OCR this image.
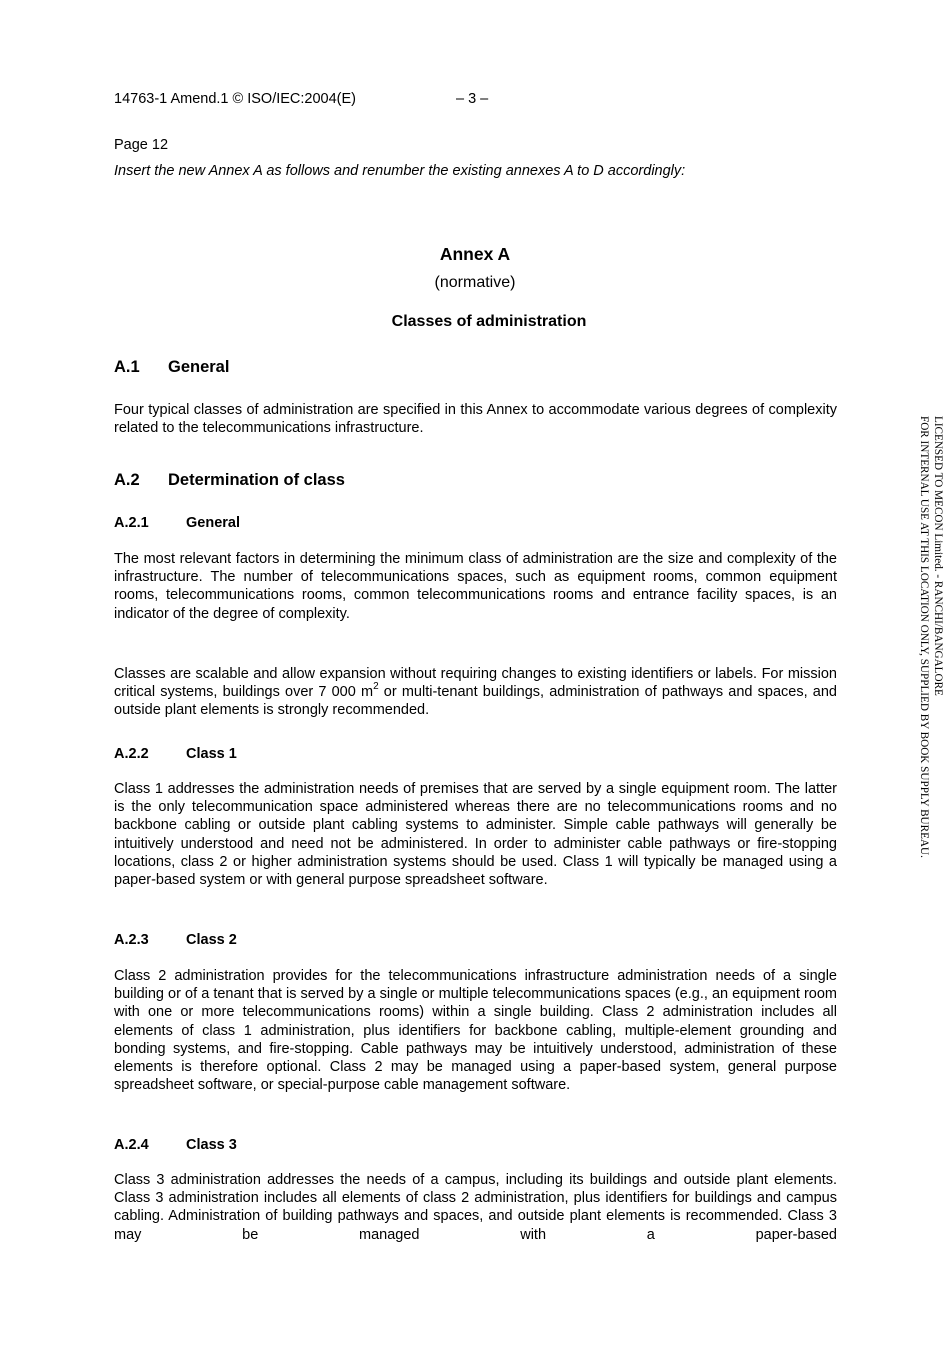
14763-1 Amend.1 © ISO/IEC:2004(E)	– 3 –
Page 12
Insert the new Annex A as follows and renumber the existing annexes A to D accordingly:
Annex A
(normative)
Classes of administration
A.1 General
Four typical classes of administration are specified in this Annex to accommodate various degrees of complexity related to the telecommunications infrastructure.
A.2 Determination of class
A.2.1	General
The most relevant factors in determining the minimum class of administration are the size and complexity of the infrastructure. The number of telecommunications spaces, such as equipment rooms, common equipment rooms, telecommunications rooms, common telecommunications rooms and entrance facility spaces, is an indicator of the degree of complexity.
Classes are scalable and allow expansion without requiring changes to existing identifiers or labels. For mission critical systems, buildings over 7 000 $m^2$ or multi-tenant buildings, administration of pathways and spaces, and outside plant elements is strongly recommended.
A.2.2	Class 1
Class 1 addresses the administration needs of premises that are served by a single equipment room. The latter is the only telecommunication space administered whereas there are no telecommunications rooms and no backbone cabling or outside plant cabling systems to administer. Simple cable pathways will generally be intuitively understood and need not be administered. In order to administer cable pathways or fire-stopping locations, class 2 or higher administration systems should be used. Class 1 will typically be managed using a paper-based system or with general purpose spreadsheet software.
A.2.3	Class 2
Class 2 administration provides for the telecommunications infrastructure administration needs of a single building or of a tenant that is served by a single or multiple telecommunications spaces (e.g., an equipment room with one or more telecommunications rooms) within a single building. Class 2 administration includes all elements of class 1 administration, plus identifiers for backbone cabling, multiple-element grounding and bonding systems, and fire-stopping. Cable pathways may be intuitively understood, administration of these elements is therefore optional. Class 2 may be managed using a paper-based system, general purpose spreadsheet software, or special-purpose cable management software.
A.2.4	Class 3
Class 3 administration addresses the needs of a campus, including its buildings and outside plant elements. Class 3 administration includes all elements of class 2 administration, plus identifiers for buildings and campus cabling. Administration of building pathways and spaces, and outside plant elements is recommended. Class 3 may be managed with a paper-based
LICENSED TO MECON Limited. - RANCHI/BANGALORE
FOR INTERNAL USE AT THIS LOCATION ONLY, SUPPLIED BY BOOK SUPPLY BUREAU.
